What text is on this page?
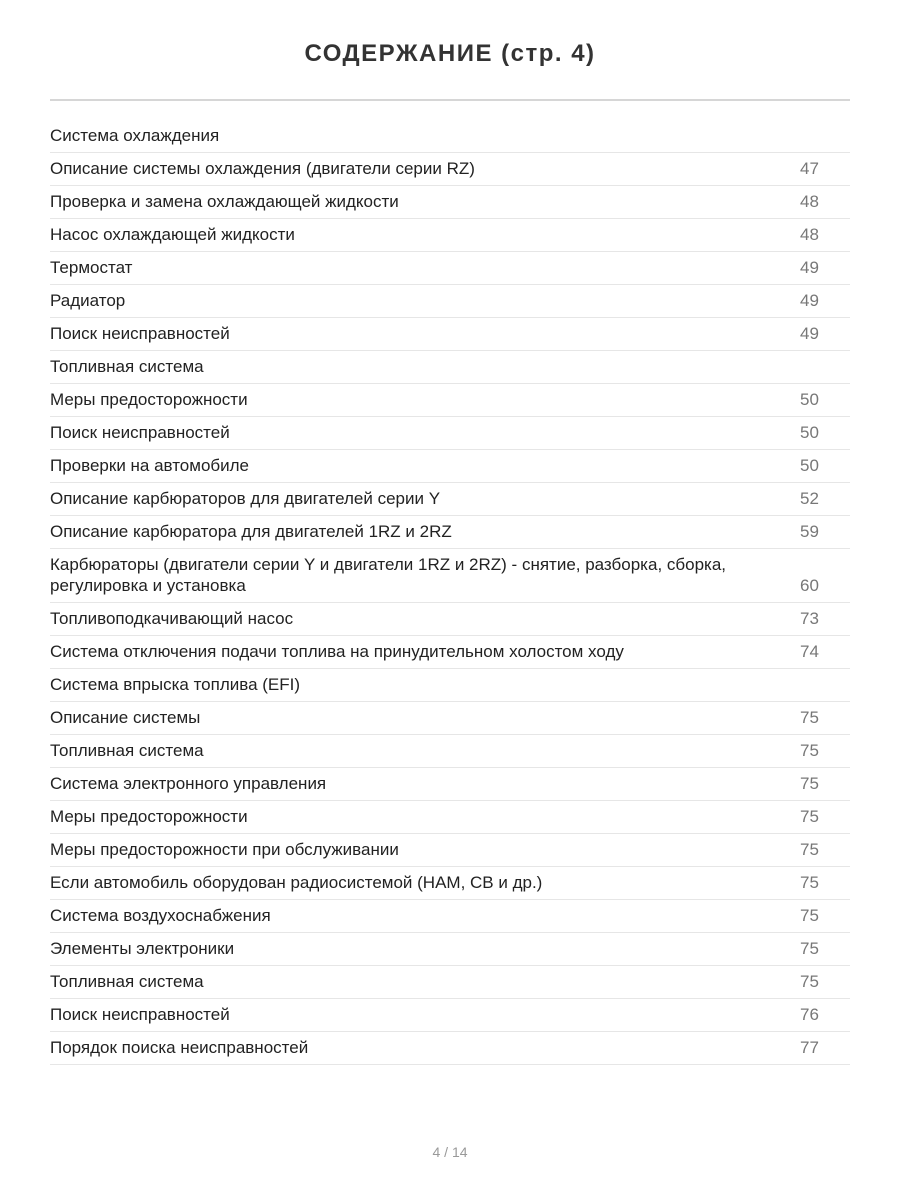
СОДЕРЖАНИЕ (стр. 4)
Система охлаждения
Описание системы охлаждения (двигатели серии RZ)	47
Проверка и замена охлаждающей жидкости	48
Насос охлаждающей жидкости	48
Термостат	49
Радиатор	49
Поиск неисправностей	49
Топливная система
Меры предосторожности	50
Поиск неисправностей	50
Проверки на автомобиле	50
Описание карбюраторов для двигателей серии Y	52
Описание карбюратора для двигателей 1RZ и 2RZ	59
Карбюраторы (двигатели серии Y и двигатели 1RZ и 2RZ) - снятие, разборка, сборка, регулировка и установка	60
Топливоподкачивающий насос	73
Система отключения подачи топлива на принудительном холостом ходу	74
Система впрыска топлива (EFI)
Описание системы	75
Топливная система	75
Система электронного управления	75
Меры предосторожности	75
Меры предосторожности при обслуживании	75
Если автомобиль оборудован радиосистемой (HAM, CB и др.)	75
Система воздухоснабжения	75
Элементы электроники	75
Топливная система	75
Поиск неисправностей	76
Порядок поиска неисправностей	77
4 / 14
